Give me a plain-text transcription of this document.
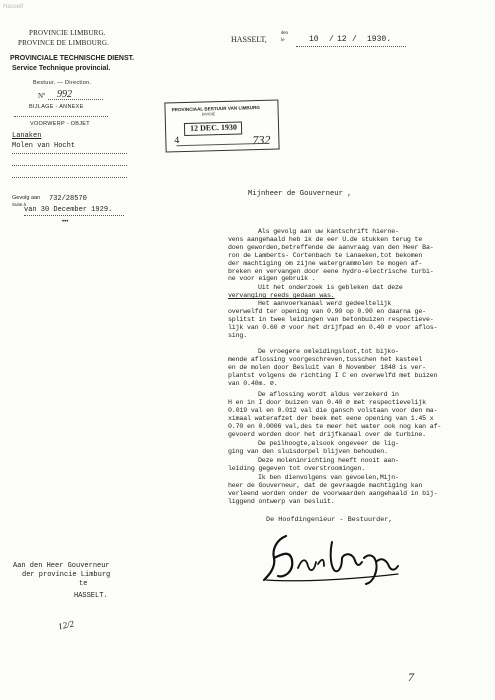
Hasselt
PROVINCIE LIMBURG.
PROVINCE DE LIMBOURG.
PROVINCIALE TECHNISCHE DIENST.
Service Technique provincial.
Bestuur. — Direction.
Nº 992
BIJLAGE - ANNEXE
VOORWERP - OBJET
Lanaken
Molen van Hocht
Gevolg aan
Suite à
732/28570
van 30 December 1929.
•••
HASSELT,
den
le	10 / 12 / 1930.
PROVINCIAAL BESTUUR VAN LIMBURG
DIVISIE
12 DEC. 1930
4	732
Mijnheer de Gouverneur ,
Als gevolg aan uw kantschrift hierne-
vens aangehaald heb ik de eer U.de stukken terug te
doen geworden,betreffende de aanvraag van den Heer Ba-
ron de Lamberts- Cortenbach te Lanaeken,tot bekomen
der machtiging om zijne watergrammolen te mogen af-
breken en vervangen door eene hydro-electrische turbi-
ne voor eigen gebruik .
Uit het onderzoek is gebleken dat deze
vervanging reeds gedaan was.
Het aanvoerkanaal werd gedeeltelijk
overwelfd ter opening van 0.90 op 0.90 en daarna ge-
splitst in twee leidingen van betonbuizen respectieve-
lijk van 0.60 ∅ voor het drijfpad en 0.40 ∅ voor aflos-
sing.
De vroegere omleidingsloot,tot bijko-
mende aflossing voorgeschreven,tusschen het kasteel
en de molen door Besluit van 8 November 1848 is ver-
plantst volgens de richting I C en overwelfd met buizen
van 0.40m. ∅.
De aflossing wordt aldus verzekerd in
H en in I door buizen van 0.40 ∅ met respectievelijk
0.019 val en 0.012 val die gansch volstaan voor den ma-
ximaal waterafzet der beek met eene opening van 1.45 x
0.70 en 0.0006 val,des te meer het water ook nog kan af-
gevoerd worden door het drijfkanaal over de turbine.
De peilhoogte,alsook ongeveer de lig-
ging van den sluisdorpel blijven behouden.
Deze moleninrichting heeft nooit aan-
leiding gegeven tot overstroomingen.
Ik ben dienvolgens van gevoelen,Mijn-
heer de Gouverneur, dat de gevraagde machtiging kan
verleend worden onder de voorwaarden aangehaald in bij-
liggend ontwerp van besluit.
De Hoofdingenieur - Bestuurder,
Aan den Heer Gouverneur
der provincie Limburg
te
HASSELT.
12/2
7
